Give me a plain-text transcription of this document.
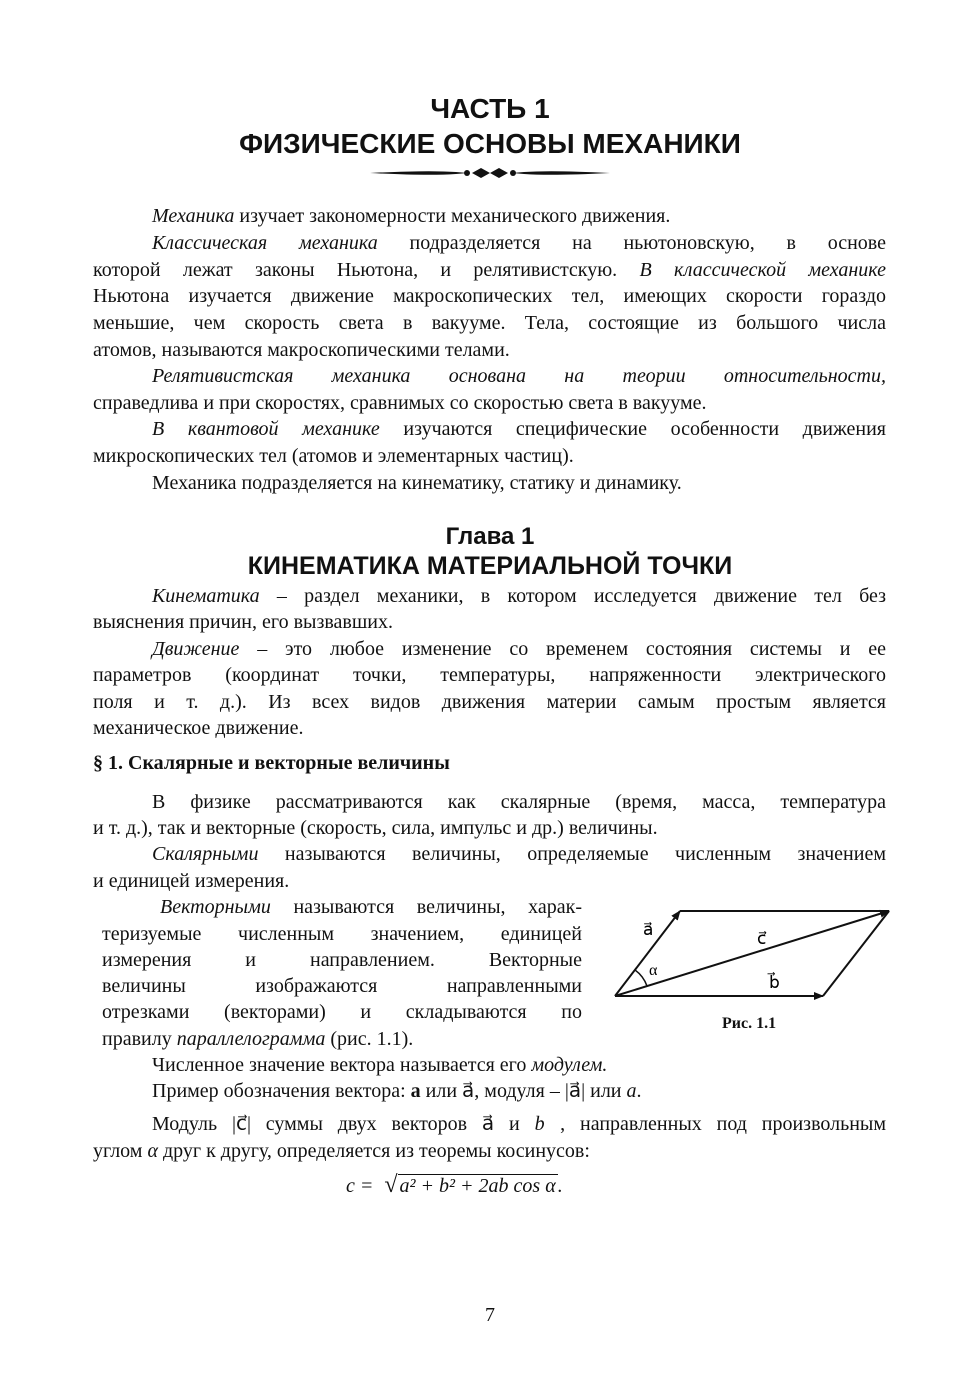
ЧАСТЬ 1
ФИЗИЧЕСКИЕ ОСНОВЫ МЕХАНИКИ
Механика изучает закономерности механического движения.
Классическая механика подразделяется на ньютоновскую, в основе
которой лежат законы Ньютона, и релятивистскую. В классической механике
Ньютона изучается движение макроскопических тел, имеющих скорости гораздо
меньшие, чем скорость света в вакууме. Тела, состоящие из большого числа
атомов, называются макроскопическими телами.
Релятивистская механика основана на теории относительности,
справедлива и при скоростях, сравнимых со скоростью света в вакууме.
В квантовой механике изучаются специфические особенности движения
микроскопических тел (атомов и элементарных частиц).
Механика подразделяется на кинематику, статику и динамику.
Глава 1
КИНЕМАТИКА МАТЕРИАЛЬНОЙ ТОЧКИ
Кинематика – раздел механики, в котором исследуется движение тел без
выяснения причин, его вызвавших.
Движение – это любое изменение со временем состояния системы и ее
параметров (координат точки, температуры, напряженности электрического
поля и т. д.). Из всех видов движения материи самым простым является
механическое движение.
§ 1. Скалярные и векторные величины
В физике рассматриваются как скалярные (время, масса, температура
и т. д.), так и векторные (скорость, сила, импульс и др.) величины.
Скалярными называются величины, определяемые численным значением
и единицей измерения.
Векторными называются величины, харак-
теризуемые численным значением, единицей
измерения и направлением. Векторные
величины изображаются направленными
отрезками (векторами) и складываются по
правилу параллелограмма (рис. 1.1).
a⃗	c⃗
b⃗
α
Рис. 1.1
Численное значение вектора называется его модулем.
Пример обозначения вектора: a или a⃗, модуля – |a⃗| или a.
Модуль |c⃗| суммы двух векторов a⃗ и b⃗, направленных под произвольным
углом α друг к другу, определяется из теоремы косинусов:
c = √ a² + b² + 2ab cos α .
7
